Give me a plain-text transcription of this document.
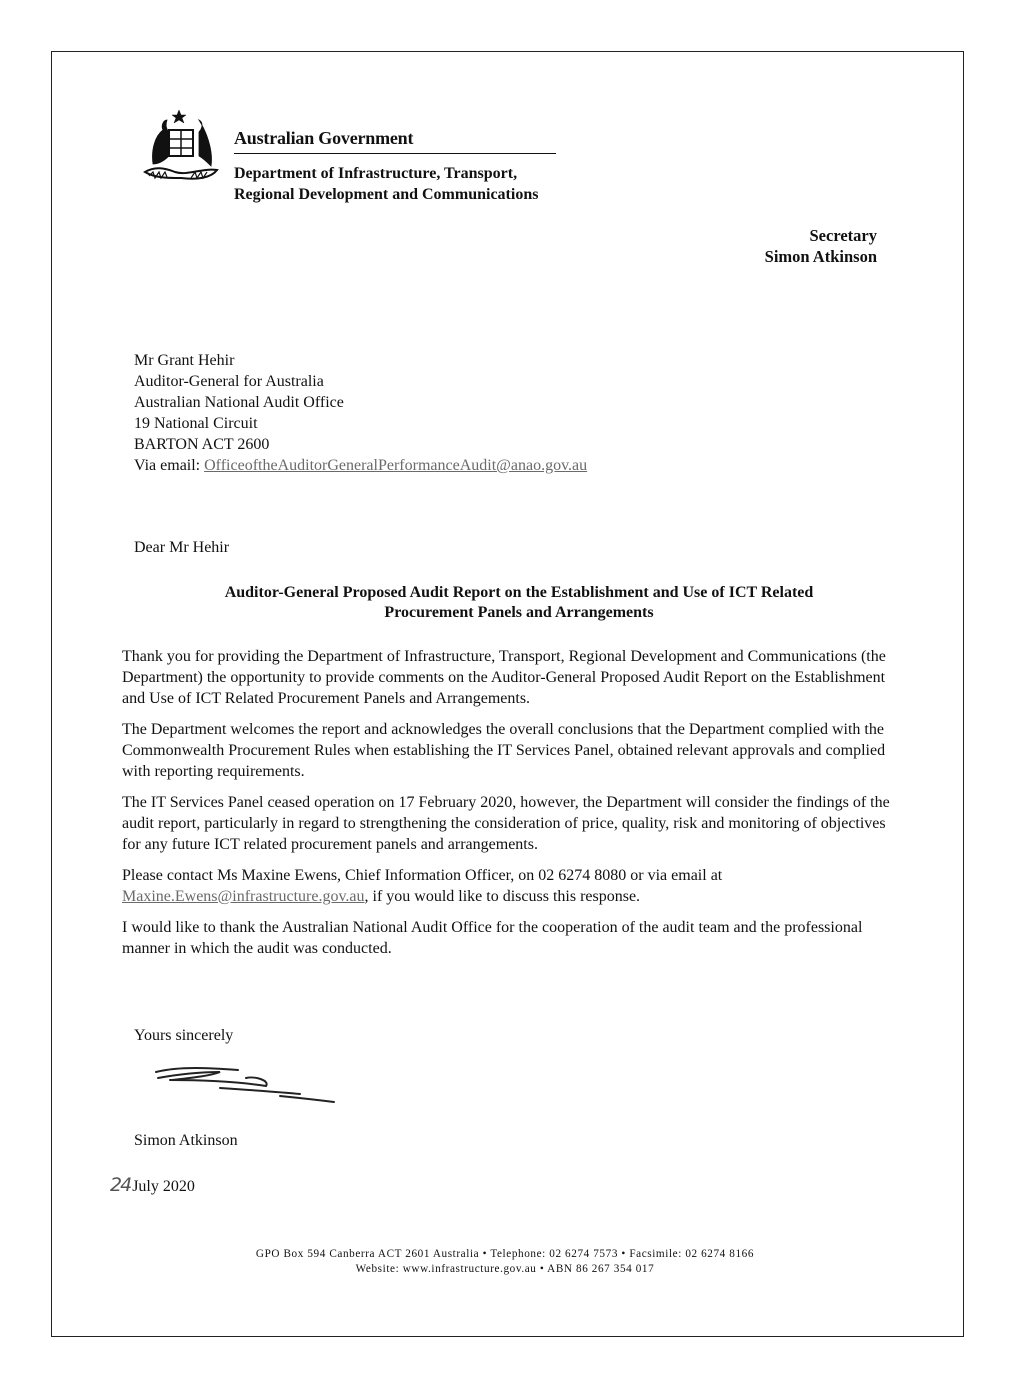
Australian Government
Department of Infrastructure, Transport,
Regional Development and Communications
Secretary
Simon Atkinson
Mr Grant Hehir
Auditor-General for Australia
Australian National Audit Office
19 National Circuit
BARTON ACT 2600
Via email: OfficeoftheAuditorGeneralPerformanceAudit@anao.gov.au
Dear Mr Hehir
Auditor-General Proposed Audit Report on the Establishment and Use of ICT Related
Procurement Panels and Arrangements

Thank you for providing the Department of Infrastructure, Transport, Regional Development and Communications (the Department) the opportunity to provide comments on the Auditor-General Proposed Audit Report on the Establishment and Use of ICT Related Procurement Panels and Arrangements.

The Department welcomes the report and acknowledges the overall conclusions that the Department complied with the Commonwealth Procurement Rules when establishing the IT Services Panel, obtained relevant approvals and complied with reporting requirements.

The IT Services Panel ceased operation on 17 February 2020, however, the Department will consider the findings of the audit report, particularly in regard to strengthening the consideration of price, quality, risk and monitoring of objectives for any future ICT related procurement panels and arrangements.

Please contact Ms Maxine Ewens, Chief Information Officer, on 02 6274 8080 or via email at Maxine.Ewens@infrastructure.gov.au, if you would like to discuss this response.

I would like to thank the Australian National Audit Office for the cooperation of the audit team and the professional manner in which the audit was conducted.

Yours sincerely
Simon Atkinson
24 July 2020
GPO Box 594 Canberra ACT 2601 Australia • Telephone: 02 6274 7573 • Facsimile: 02 6274 8166
Website: www.infrastructure.gov.au • ABN 86 267 354 017
